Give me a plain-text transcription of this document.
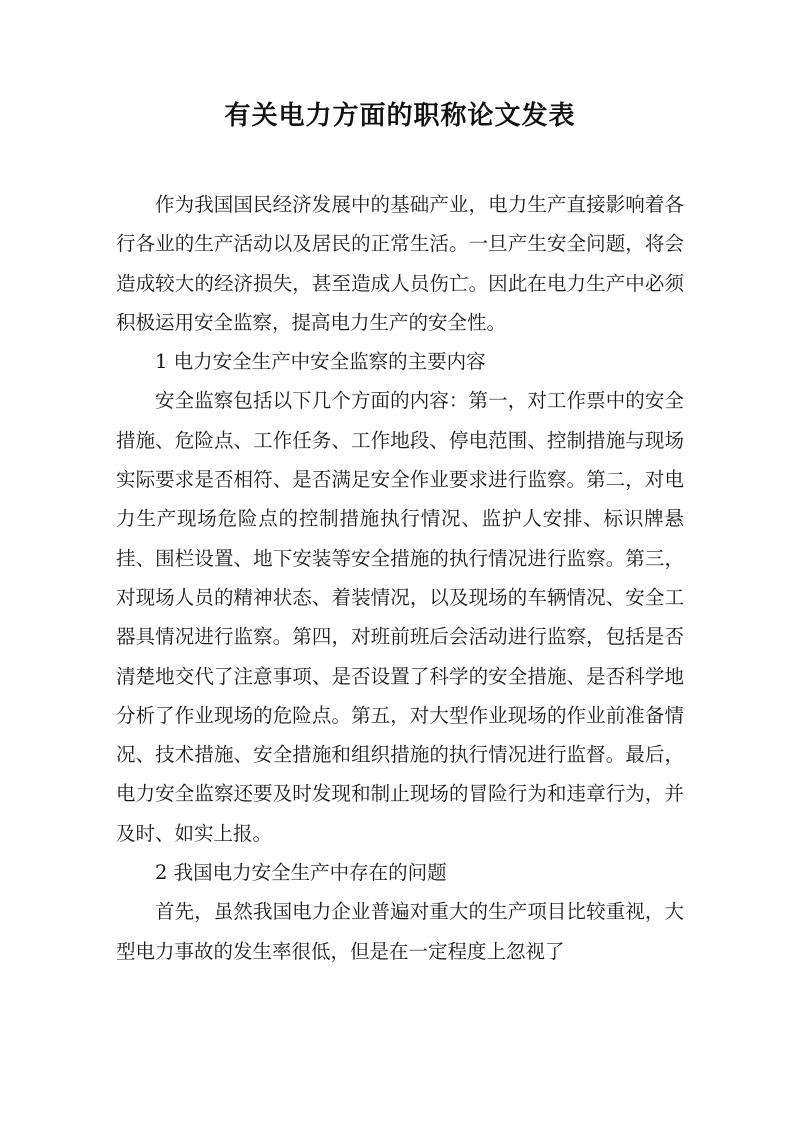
有关电力方面的职称论文发表

作为我国国民经济发展中的基础产业，电力生产直接影响着各行各业的生产活动以及居民的正常生活。一旦产生安全问题，将会造成较大的经济损失，甚至造成人员伤亡。因此在电力生产中必须积极运用安全监察，提高电力生产的安全性。

1 电力安全生产中安全监察的主要内容

安全监察包括以下几个方面的内容：第一，对工作票中的安全措施、危险点、工作任务、工作地段、停电范围、控制措施与现场实际要求是否相符、是否满足安全作业要求进行监察。第二，对电力生产现场危险点的控制措施执行情况、监护人安排、标识牌悬挂、围栏设置、地下安装等安全措施的执行情况进行监察。第三，对现场人员的精神状态、着装情况，以及现场的车辆情况、安全工器具情况进行监察。第四，对班前班后会活动进行监察，包括是否清楚地交代了注意事项、是否设置了科学的安全措施、是否科学地分析了作业现场的危险点。第五，对大型作业现场的作业前准备情况、技术措施、安全措施和组织措施的执行情况进行监督。最后，电力安全监察还要及时发现和制止现场的冒险行为和违章行为，并及时、如实上报。

2 我国电力安全生产中存在的问题

首先，虽然我国电力企业普遍对重大的生产项目比较重视，大型电力事故的发生率很低，但是在一定程度上忽视了
